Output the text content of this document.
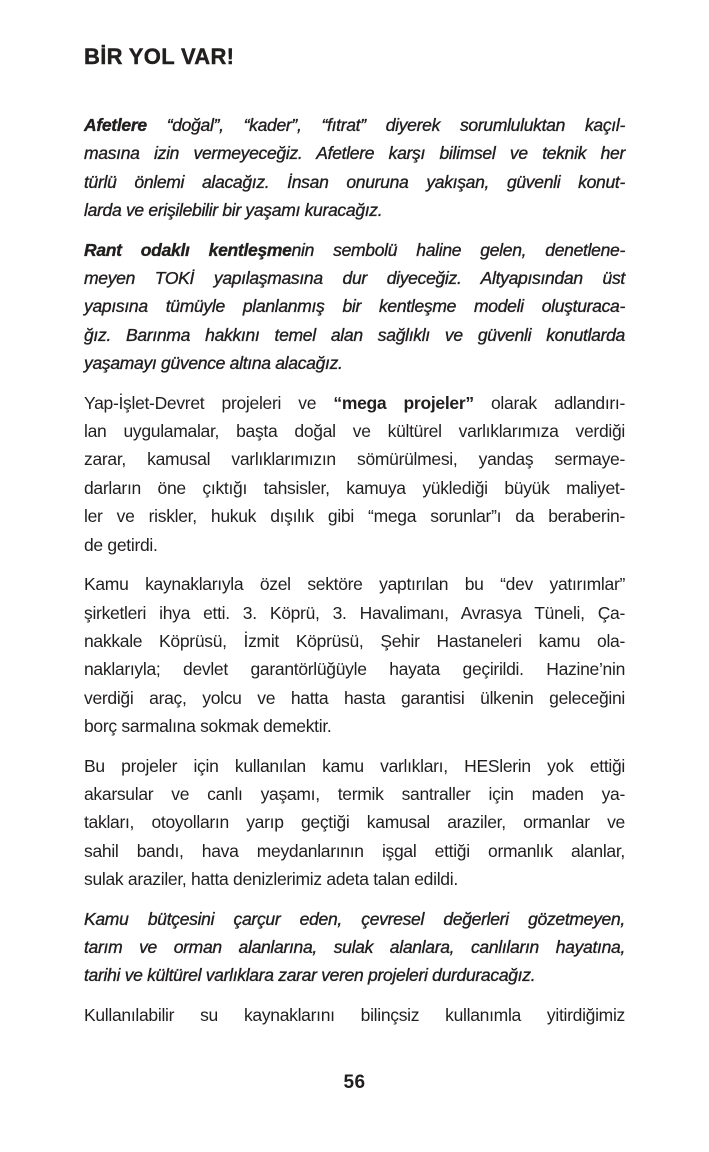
BİR YOL VAR!
Afetlere “doğal”, “kader”, “fıtrat” diyerek sorumluluktan kaçıl-
masına izin vermeyeceğiz. Afetlere karşı bilimsel ve teknik her
türlü önlemi alacağız. İnsan onuruna yakışan, güvenli konut-
larda ve erişilebilir bir yaşamı kuracağız.
Rant odaklı kentleşmenin sembolü haline gelen, denetlene-
meyen TOKİ yapılaşmasına dur diyeceğiz. Altyapısından üst
yapısına tümüyle planlanmış bir kentleşme modeli oluşturaca-
ğız. Barınma hakkını temel alan sağlıklı ve güvenli konutlarda
yaşamayı güvence altına alacağız.
Yap-İşlet-Devret projeleri ve “mega projeler” olarak adlandırı-
lan uygulamalar, başta doğal ve kültürel varlıklarımıza verdiği
zarar, kamusal varlıklarımızın sömürülmesi, yandaş sermaye-
darların öne çıktığı tahsisler, kamuya yüklediği büyük maliyet-
ler ve riskler, hukuk dışılık gibi “mega sorunlar”ı da beraberin-
de getirdi.
Kamu kaynaklarıyla özel sektöre yaptırılan bu “dev yatırımlar”
şirketleri ihya etti. 3. Köprü, 3. Havalimanı, Avrasya Tüneli, Ça-
nakkale Köprüsü, İzmit Köprüsü, Şehir Hastaneleri kamu ola-
naklarıyla; devlet garantörlüğüyle hayata geçirildi. Hazine’nin
verdiği araç, yolcu ve hatta hasta garantisi ülkenin geleceğini
borç sarmalına sokmak demektir.
Bu projeler için kullanılan kamu varlıkları, HESlerin yok ettiği
akarsular ve canlı yaşamı, termik santraller için maden ya-
takları, otoyolların yarıp geçtiği kamusal araziler, ormanlar ve
sahil bandı, hava meydanlarının işgal ettiği ormanlık alanlar,
sulak araziler, hatta denizlerimiz adeta talan edildi.
Kamu bütçesini çarçur eden, çevresel değerleri gözetmeyen,
tarım ve orman alanlarına, sulak alanlara, canlıların hayatına,
tarihi ve kültürel varlıklara zarar veren projeleri durduracağız.
Kullanılabilir su kaynaklarını bilinçsiz kullanımla yitirdiğimiz
56
